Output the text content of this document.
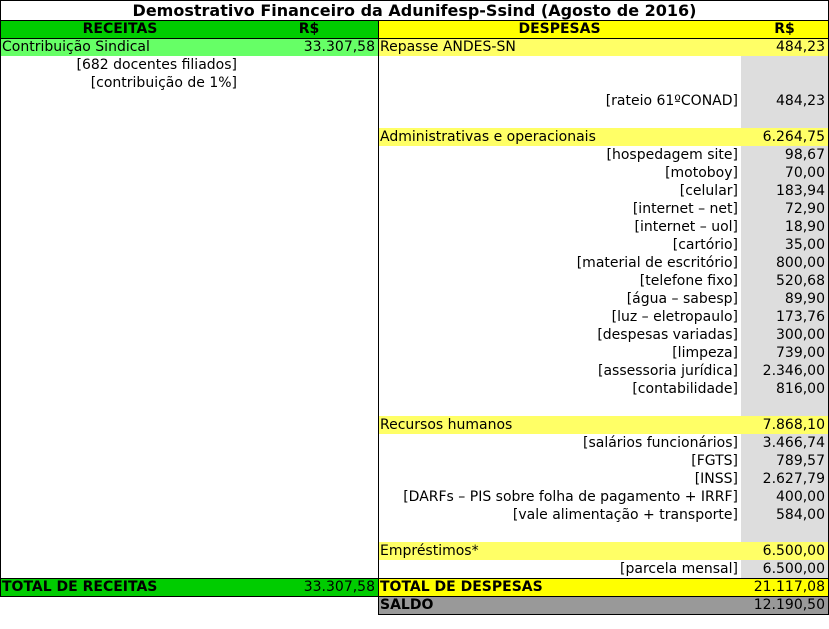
Demostrativo Financeiro da Adunifesp-Ssind (Agosto de 2016)
RECEITAS	R$	DESPESAS	R$
Contribuição Sindical	33.307,58
[682 docentes filiados]
[contribuição de 1%]
Repasse ANDES-SN	484,23
[rateio 61ºCONAD]	484,23
Administrativas e operacionais	6.264,75
[hospedagem site]	98,67
[motoboy]	70,00
[celular]	183,94
[internet – net]	72,90
[internet – uol]	18,90
[cartório]	35,00
[material de escritório]	800,00
[telefone fixo]	520,68
[água – sabesp]	89,90
[luz – eletropaulo]	173,76
[despesas variadas]	300,00
[limpeza]	739,00
[assessoria jurídica]	2.346,00
[contabilidade]	816,00
Recursos humanos	7.868,10
[salários funcionários]	3.466,74
[FGTS]	789,57
[INSS]	2.627,79
[DARFs – PIS sobre folha de pagamento + IRRF]	400,00
[vale alimentação + transporte]	584,00
Empréstimos*	6.500,00
[parcela mensal]	6.500,00
TOTAL DE RECEITAS	33.307,58 TOTAL DE DESPESAS	21.117,08
SALDO	12.190,50
